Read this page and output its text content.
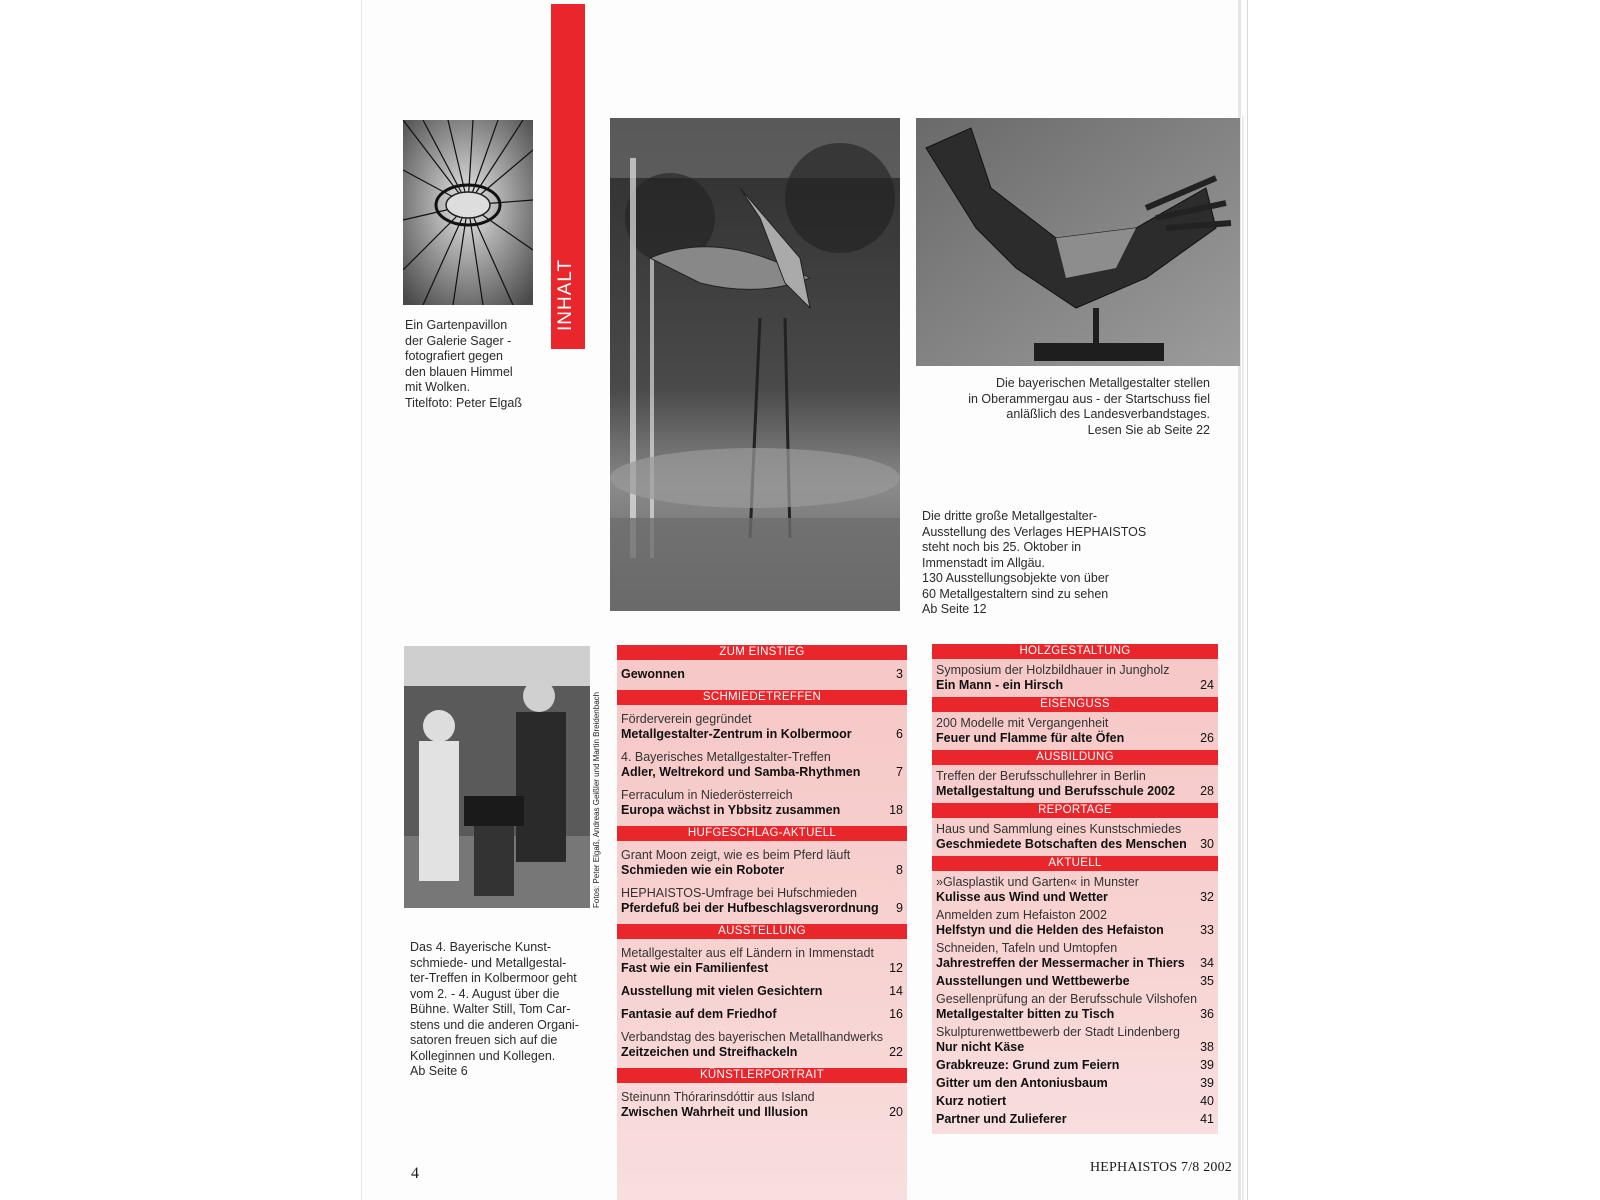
INHALT
Ein Gartenpavillon
der Galerie Sager -
fotografiert gegen
den blauen Himmel
mit Wolken.
Titelfoto: Peter Elgaß
Die bayerischen Metallgestalter stellen
in Oberammergau aus - der Startschuss fiel
anläßlich des Landesverbandstages.
Lesen Sie ab Seite 22
Die dritte große Metallgestalter-
Ausstellung des Verlages HEPHAISTOS
steht noch bis 25. Oktober in
Immenstadt im Allgäu.
130 Ausstellungsobjekte von über
60 Metallgestaltern sind zu sehen
Ab Seite 12
Fotos: Peter Elgaß, Andreas Geißler und Martin Breidenbach
Das 4. Bayerische Kunst-
schmiede- und Metallgestal-
ter-Treffen in Kolbermoor geht
vom 2. - 4. August über die
Bühne. Walter Still, Tom Car-
stens und die anderen Organi-
satoren freuen sich auf die
Kolleginnen und Kollegen.
Ab Seite 6
ZUM EINSTIEG
Gewonnen	3
SCHMIEDETREFFEN
Förderverein gegründet
Metallgestalter-Zentrum in Kolbermoor	6
4. Bayerisches Metallgestalter-Treffen
Adler, Weltrekord und Samba-Rhythmen	7
Ferraculum in Niederösterreich
Europa wächst in Ybbsitz zusammen	18
HUFGESCHLAG-AKTUELL
Grant Moon zeigt, wie es beim Pferd läuft
Schmieden wie ein Roboter	8
HEPHAISTOS-Umfrage bei Hufschmieden
Pferdefuß bei der Hufbeschlagsverordnung	9
AUSSTELLUNG
Metallgestalter aus elf Ländern in Immenstadt
Fast wie ein Familienfest	12
Ausstellung mit vielen Gesichtern	14
Fantasie auf dem Friedhof	16
Verbandstag des bayerischen Metallhandwerks
Zeitzeichen und Streifhackeln	22
KÜNSTLERPORTRAIT
Steinunn Thórarinsdóttir aus Island
Zwischen Wahrheit und Illusion	20
HOLZGESTALTUNG
Symposium der Holzbildhauer in Jungholz
Ein Mann - ein Hirsch	24
EISENGUSS
200 Modelle mit Vergangenheit
Feuer und Flamme für alte Öfen	26
AUSBILDUNG
Treffen der Berufsschullehrer in Berlin
Metallgestaltung und Berufsschule 2002	28
REPORTAGE
Haus und Sammlung eines Kunstschmiedes
Geschmiedete Botschaften des Menschen	30
AKTUELL
»Glasplastik und Garten« in Munster
Kulisse aus Wind und Wetter	32
Anmelden zum Hefaiston 2002
Helfstyn und die Helden des Hefaiston	33
Schneiden, Tafeln und Umtopfen
Jahrestreffen der Messermacher in Thiers	34
Ausstellungen und Wettbewerbe	35
Gesellenprüfung an der Berufsschule Vilshofen
Metallgestalter bitten zu Tisch	36
Skulpturenwettbewerb der Stadt Lindenberg
Nur nicht Käse	38
Grabkreuze: Grund zum Feiern	39
Gitter um den Antoniusbaum	39
Kurz notiert	40
Partner und Zulieferer	41
4	HEPHAISTOS 7/8 2002
